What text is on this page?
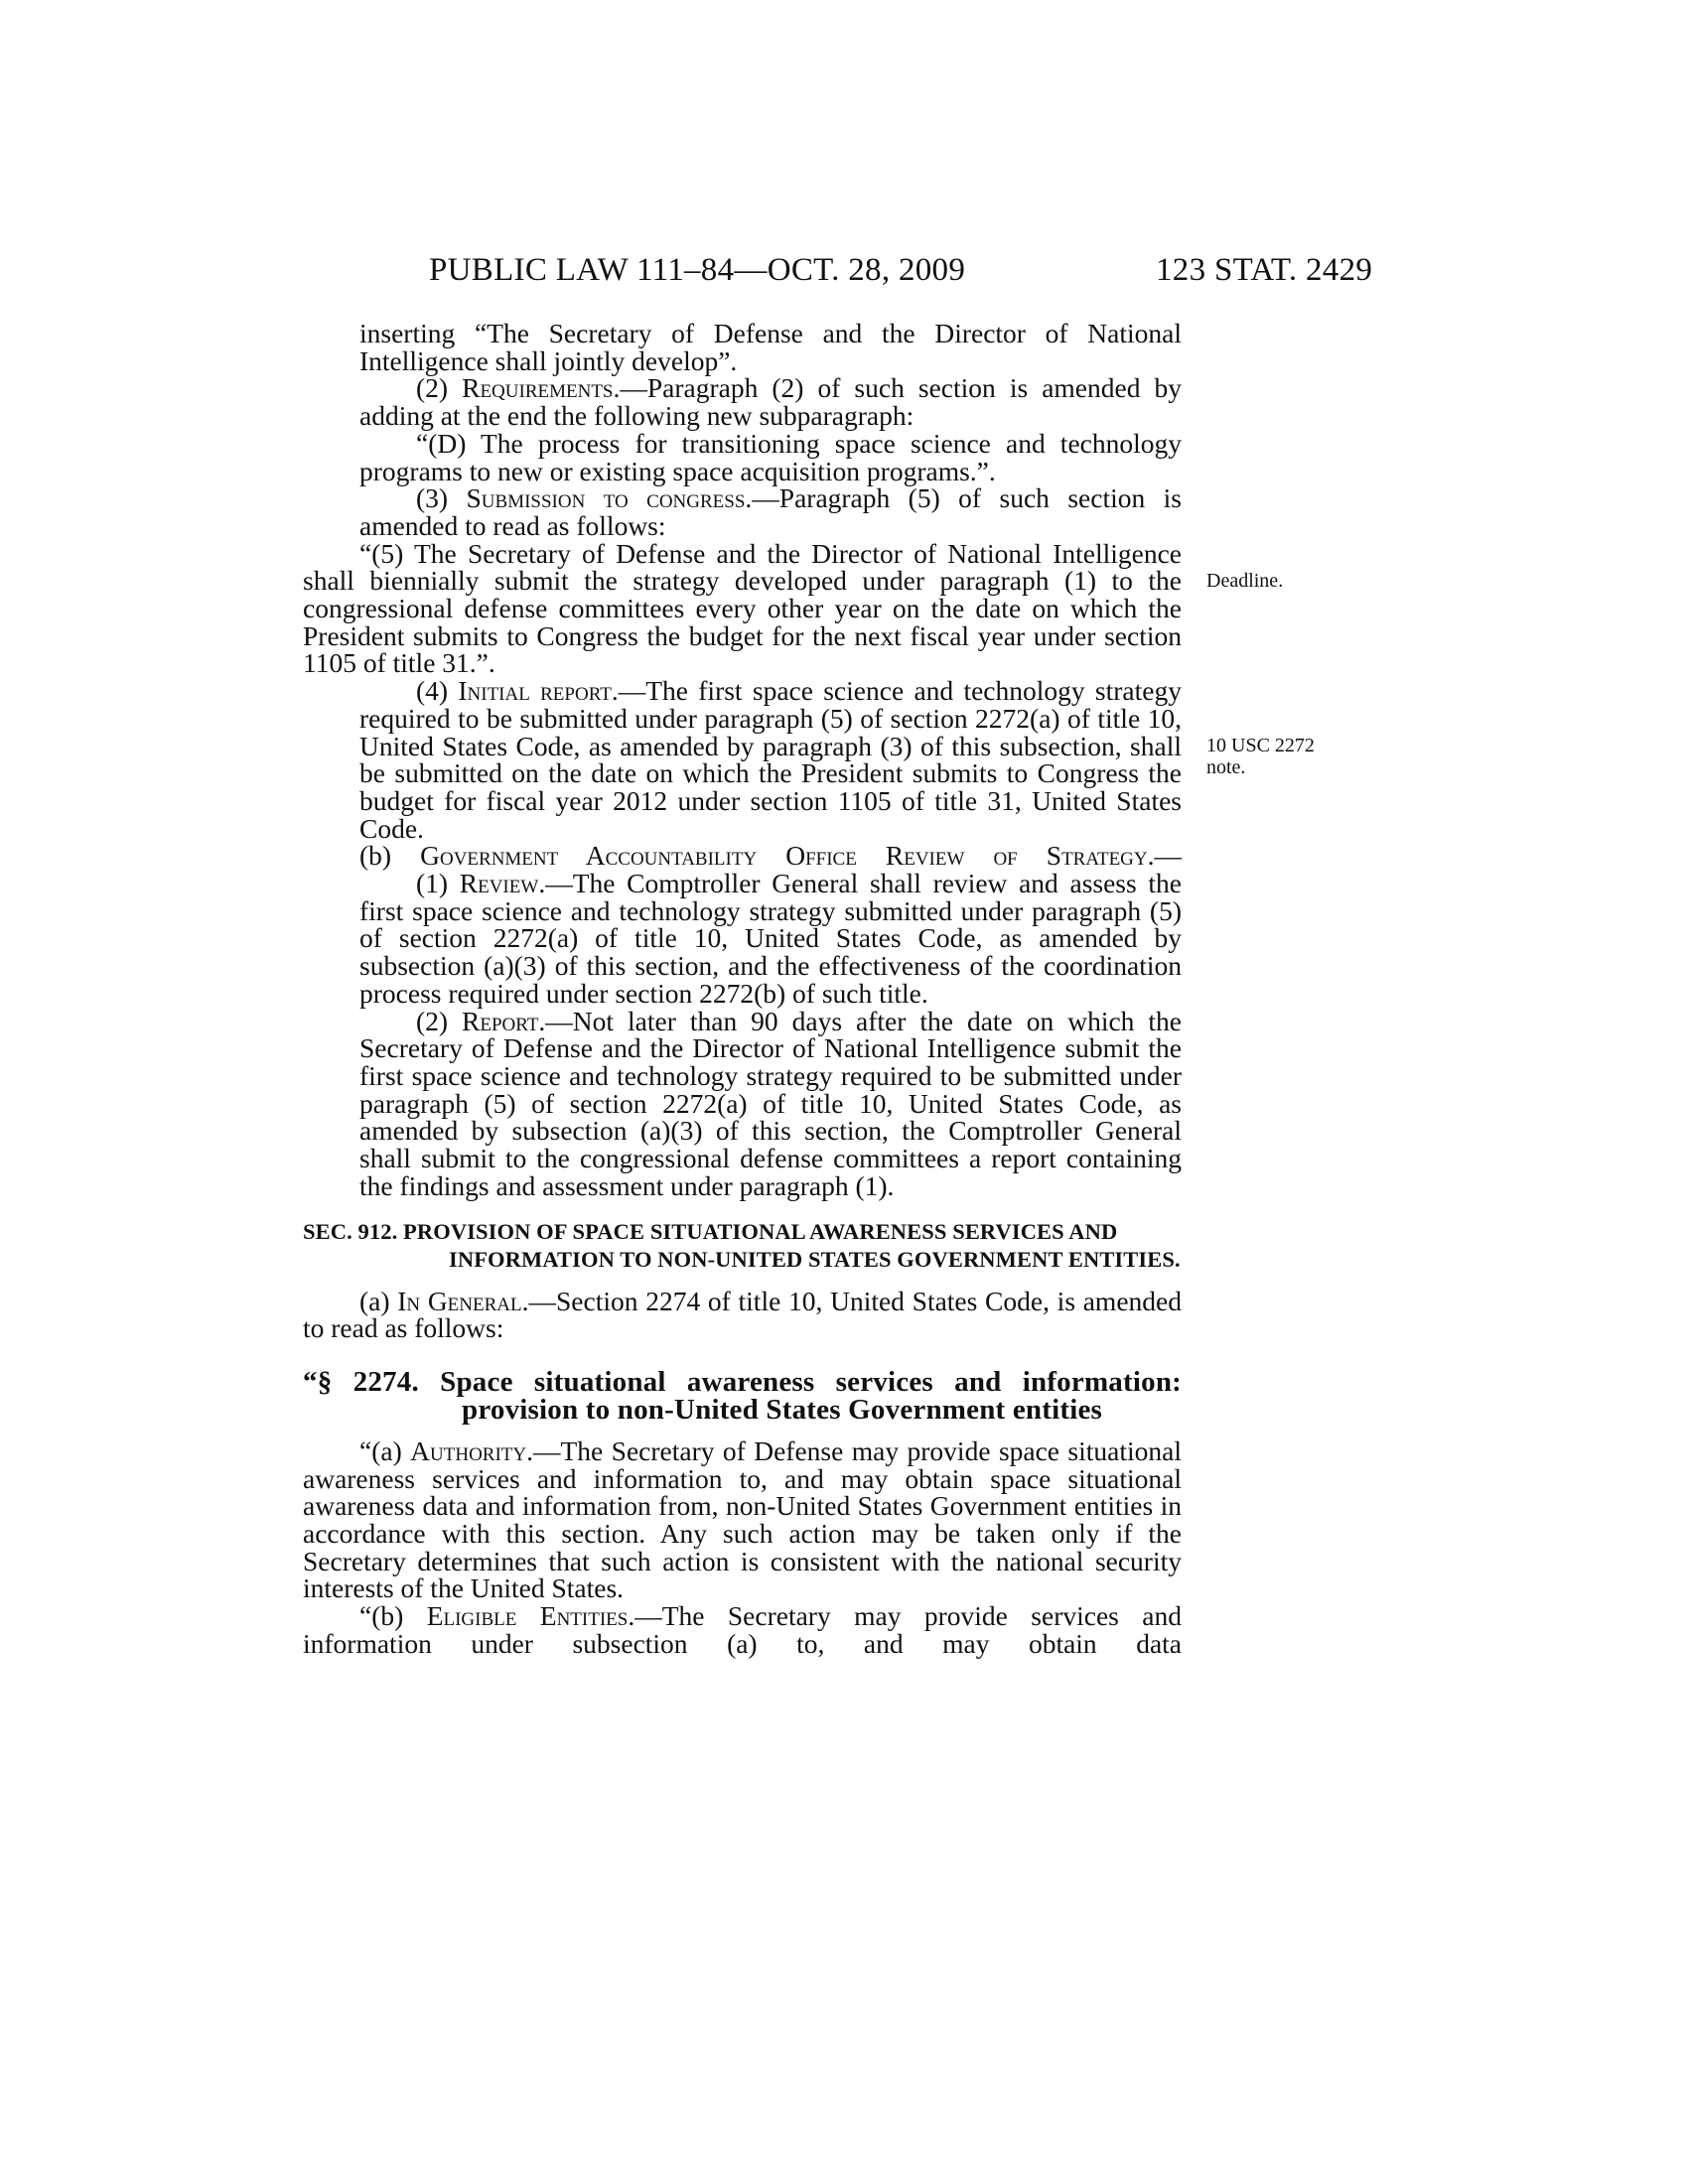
PUBLIC LAW 111–84—OCT. 28, 2009	123 STAT. 2429
Deadline.
10 USC 2272
note.

inserting “The Secretary of Defense and the Director of National Intelligence shall jointly develop”.

(2) Requirements.—Paragraph (2) of such section is amended by adding at the end the following new subparagraph:

“(D) The process for transitioning space science and technology programs to new or existing space acquisition programs.”.

(3) Submission to congress.—Paragraph (5) of such section is amended to read as follows:

“(5) The Secretary of Defense and the Director of National Intelligence shall biennially submit the strategy developed under paragraph (1) to the congressional defense committees every other year on the date on which the President submits to Congress the budget for the next fiscal year under section 1105 of title 31.”.

(4) Initial report.—The first space science and technology strategy required to be submitted under paragraph (5) of section 2272(a) of title 10, United States Code, as amended by paragraph (3) of this subsection, shall be submitted on the date on which the President submits to Congress the budget for fiscal year 2012 under section 1105 of title 31, United States Code.

(b) Government Accountability Office Review of Strategy.—

(1) Review.—The Comptroller General shall review and assess the first space science and technology strategy submitted under paragraph (5) of section 2272(a) of title 10, United States Code, as amended by subsection (a)(3) of this section, and the effectiveness of the coordination process required under section 2272(b) of such title.

(2) Report.—Not later than 90 days after the date on which the Secretary of Defense and the Director of National Intelligence submit the first space science and technology strategy required to be submitted under paragraph (5) of section 2272(a) of title 10, United States Code, as amended by subsection (a)(3) of this section, the Comptroller General shall submit to the congressional defense committees a report containing the findings and assessment under paragraph (1).

SEC. 912. PROVISION OF SPACE SITUATIONAL AWARENESS SERVICES AND INFORMATION TO NON-UNITED STATES GOVERNMENT ENTITIES.

(a) In General.—Section 2274 of title 10, United States Code, is amended to read as follows:

“§ 2274. Space situational awareness services and information: provision to non-United States Government entities

“(a) Authority.—The Secretary of Defense may provide space situational awareness services and information to, and may obtain space situational awareness data and information from, non-United States Government entities in accordance with this section. Any such action may be taken only if the Secretary determines that such action is consistent with the national security interests of the United States.

“(b) Eligible Entities.—The Secretary may provide services and information under subsection (a) to, and may obtain data
